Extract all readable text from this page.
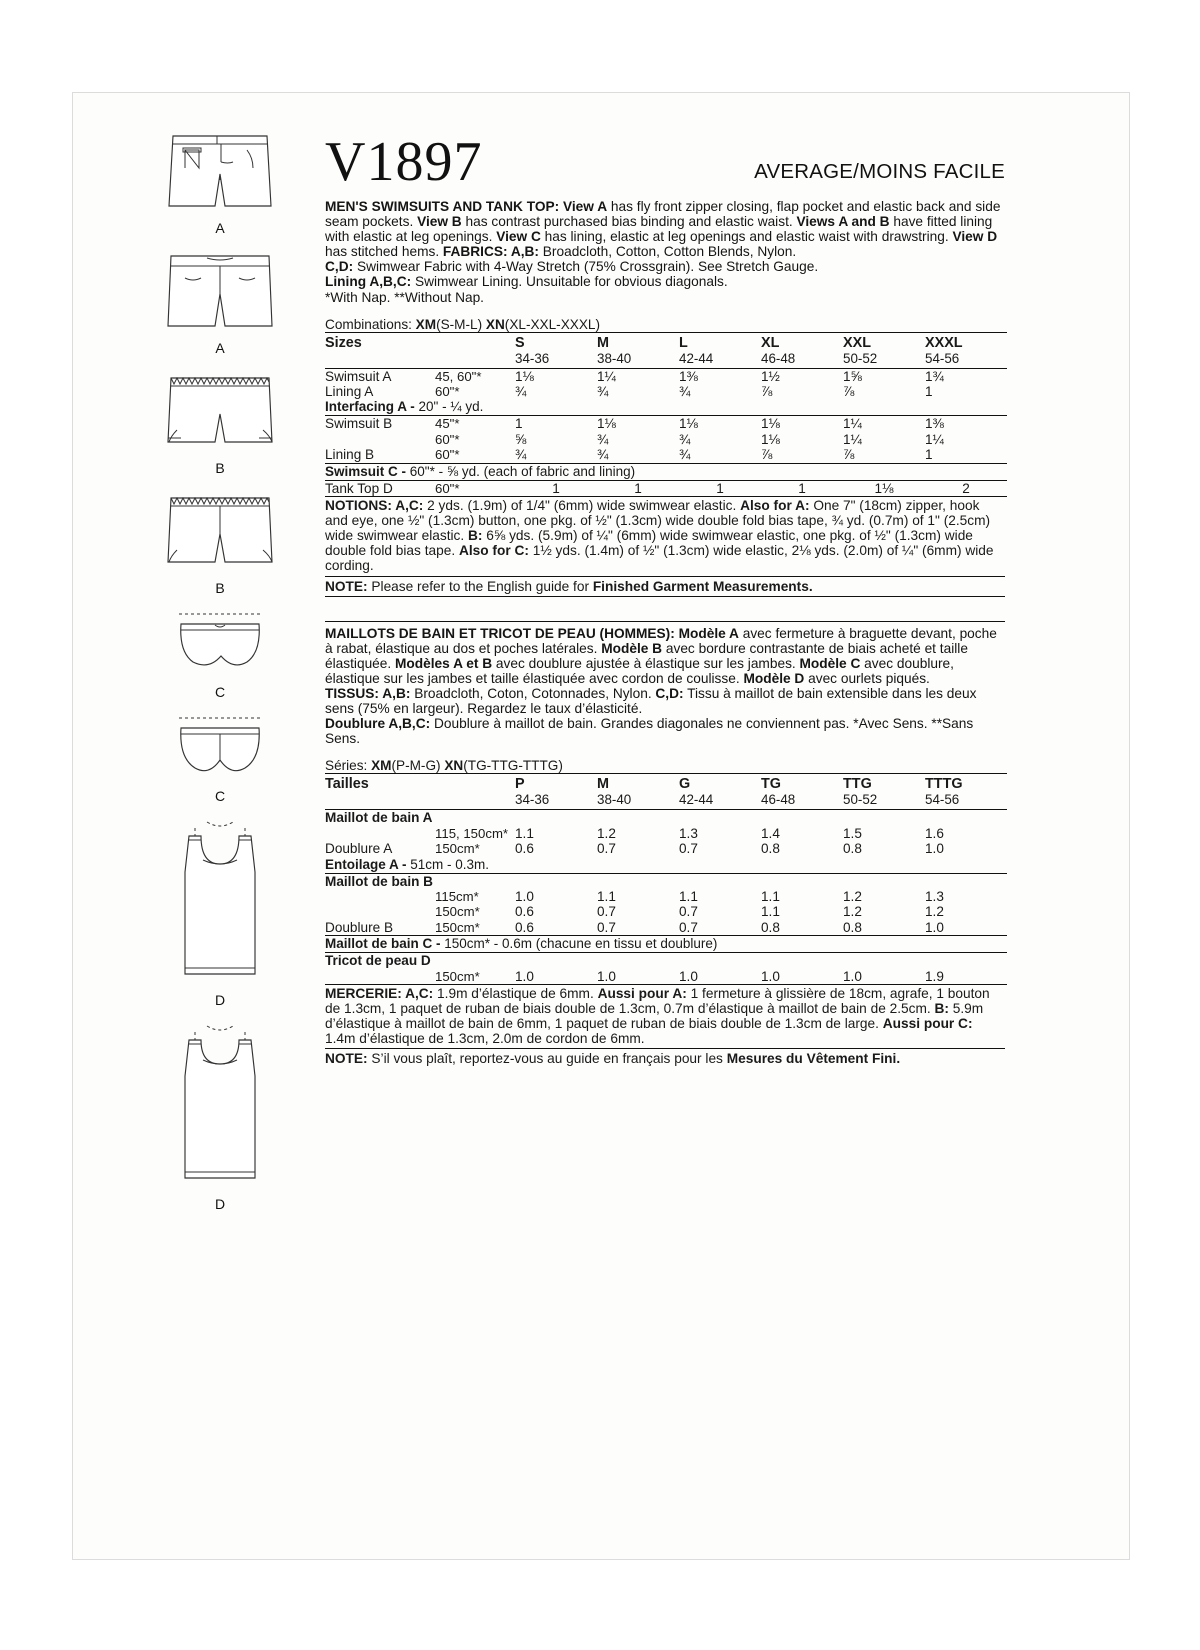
A
A
B
B
C
C
D
D
V1897	AVERAGE/MOINS FACILE
MEN'S SWIMSUITS AND TANK TOP: View A has fly front zipper closing, flap pocket and elastic back and side seam pockets. View B has contrast purchased bias binding and elastic waist. Views A and B have fitted lining with elastic at leg openings. View C has lining, elastic at leg openings and elastic waist with drawstring. View D has stitched hems. FABRICS: A,B: Broadcloth, Cotton, Cotton Blends, Nylon.
C,D: Swimwear Fabric with 4-Way Stretch (75% Crossgrain). See Stretch Gauge.
Lining A,B,C: Swimwear Lining. Unsuitable for obvious diagonals.
*With Nap. **Without Nap.
Combinations: XM(S-M-L) XN(XL-XXL-XXXL)
Sizes		S	M	L	XL	XXL	XXXL
		34-36	38-40	42-44	46-48	50-52	54-56
Swimsuit A	45, 60"*	1⅛	1¼	1⅜	1½	1⅝	1¾
Lining A	60"*	¾	¾	¾	⅞	⅞	1
Interfacing A - 20" - ¼ yd.							
Swimsuit B	45"*	1	1⅛	1⅛	1⅛	1¼	1⅜
	60"*	⅝	¾	¾	1⅛	1¼	1¼
Lining B	60"*	¾	¾	¾	⅞	⅞	1
Swimsuit C - 60"* - ⅝ yd. (each of fabric and lining)							
Tank Top D	60"*	1	1	1	1	1⅛	2
NOTIONS: A,C: 2 yds. (1.9m) of 1/4" (6mm) wide swimwear elastic. Also for A: One 7" (18cm) zipper, hook and eye, one ½" (1.3cm) button, one pkg. of ½" (1.3cm) wide double fold bias tape, ¾ yd. (0.7m) of 1" (2.5cm) wide swimwear elastic. B: 6⅝ yds. (5.9m) of ¼" (6mm) wide swimwear elastic, one pkg. of ½" (1.3cm) wide double fold bias tape. Also for C: 1½ yds. (1.4m) of ½" (1.3cm) wide elastic, 2⅛ yds. (2.0m) of ¼" (6mm) wide cording.
NOTE: Please refer to the English guide for Finished Garment Measurements.
MAILLOTS DE BAIN ET TRICOT DE PEAU (HOMMES): Modèle A avec fermeture à braguette devant, poche à rabat, élastique au dos et poches latérales. Modèle B avec bordure contrastante de biais acheté et taille élastiquée. Modèles A et B avec doublure ajustée à élastique sur les jambes. Modèle C avec doublure, élastique sur les jambes et taille élastiquée avec cordon de coulisse. Modèle D avec ourlets piqués.
TISSUS: A,B: Broadcloth, Coton, Cotonnades, Nylon. C,D: Tissu à maillot de bain extensible dans les deux sens (75% en largeur). Regardez le taux d’élasticité.
Doublure A,B,C: Doublure à maillot de bain. Grandes diagonales ne conviennent pas. *Avec Sens. **Sans Sens.
Séries: XM(P-M-G) XN(TG-TTG-TTTG)
Tailles		P	M	G	TG	TTG	TTTG
		34-36	38-40	42-44	46-48	50-52	54-56
Maillot de bain A							
	115, 150cm*	1.1	1.2	1.3	1.4	1.5	1.6
Doublure A	150cm*	0.6	0.7	0.7	0.8	0.8	1.0
Entoilage A - 51cm - 0.3m.							
Maillot de bain B							
	115cm*	1.0	1.1	1.1	1.1	1.2	1.3
	150cm*	0.6	0.7	0.7	1.1	1.2	1.2
Doublure B	150cm*	0.6	0.7	0.7	0.8	0.8	1.0
Maillot de bain C - 150cm* - 0.6m (chacune en tissu et doublure)							
Tricot de peau D							
	150cm*	1.0	1.0	1.0	1.0	1.0	1.9
MERCERIE: A,C: 1.9m d’élastique de 6mm. Aussi pour A: 1 fermeture à glissière de 18cm, agrafe, 1 bouton de 1.3cm, 1 paquet de ruban de biais double de 1.3cm, 0.7m d’élastique à maillot de bain de 2.5cm. B: 5.9m d’élastique à maillot de bain de 6mm, 1 paquet de ruban de biais double de 1.3cm de large. Aussi pour C: 1.4m d’élastique de 1.3cm, 2.0m de cordon de 6mm.
NOTE: S’il vous plaît, reportez-vous au guide en français pour les Mesures du Vêtement Fini.
